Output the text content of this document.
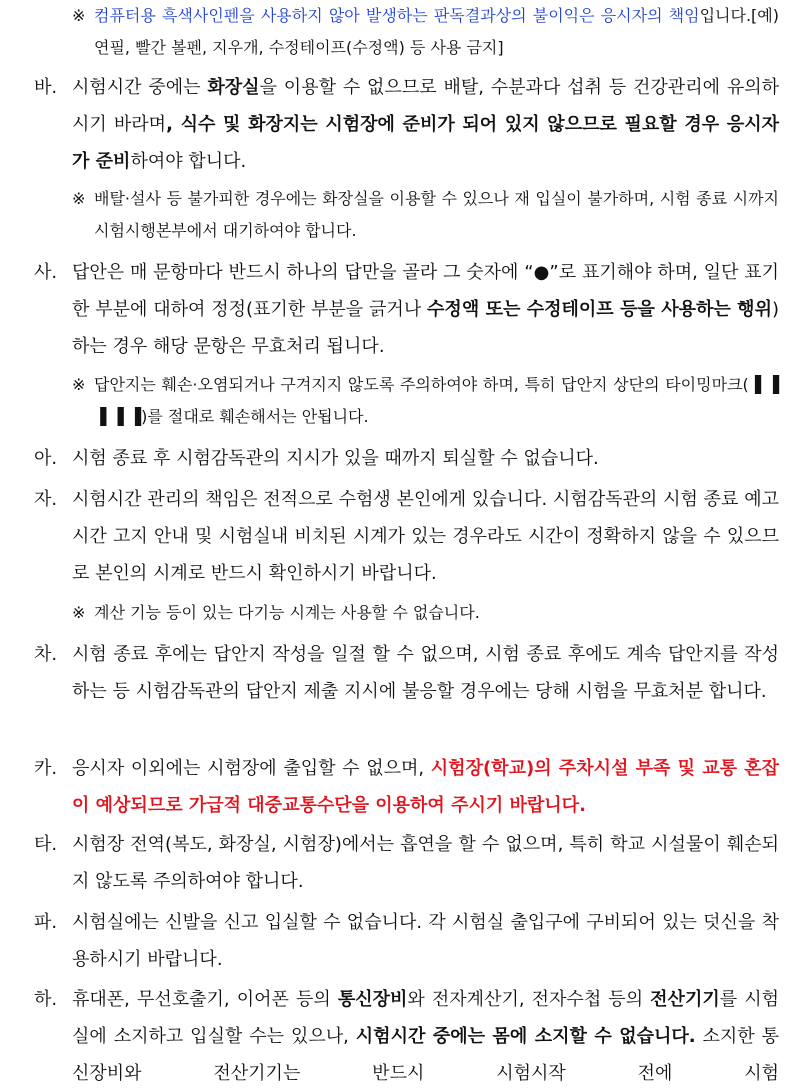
※ 컴퓨터용 흑색사인펜을 사용하지 않아 발생하는 판독결과상의 불이익은 응시자의 책임입니다.[예) 연필, 빨간 볼펜, 지우개, 수정테이프(수정액) 등 사용 금지]
바. 시험시간 중에는 화장실을 이용할 수 없으므로 배탈, 수분과다 섭취 등 건강관리에 유의하시기 바라며, 식수 및 화장지는 시험장에 준비가 되어 있지 않으므로 필요할 경우 응시자가 준비하여야 합니다.
※ 배탈·설사 등 불가피한 경우에는 화장실을 이용할 수 있으나 재 입실이 불가하며, 시험 종료 시까지 시험시행본부에서 대기하여야 합니다.
사. 답안은 매 문항마다 반드시 하나의 답만을 골라 그 숫자에 “●”로 표기해야 하며, 일단 표기한 부분에 대하여 정정(표기한 부분을 긁거나 수정액 또는 수정테이프 등을 사용하는 행위)하는 경우 해당 문항은 무효처리 됩니다.
※ 답안지는 훼손·오염되거나 구겨지지 않도록 주의하여야 하며, 특히 답안지 상단의 타이밍마크(▐ ▐ ▐ ▐ ▐)를 절대로 훼손해서는 안됩니다.
아. 시험 종료 후 시험감독관의 지시가 있을 때까지 퇴실할 수 없습니다.
자. 시험시간 관리의 책임은 전적으로 수험생 본인에게 있습니다. 시험감독관의 시험 종료 예고시간 고지 안내 및 시험실내 비치된 시계가 있는 경우라도 시간이 정확하지 않을 수 있으므로 본인의 시계로 반드시 확인하시기 바랍니다.
※ 계산 기능 등이 있는 다기능 시계는 사용할 수 없습니다.
차. 시험 종료 후에는 답안지 작성을 일절 할 수 없으며, 시험 종료 후에도 계속 답안지를 작성하는 등 시험감독관의 답안지 제출 지시에 불응할 경우에는 당해 시험을 무효처분 합니다.
카. 응시자 이외에는 시험장에 출입할 수 없으며, 시험장(학교)의 주차시설 부족 및 교통 혼잡이 예상되므로 가급적 대중교통수단을 이용하여 주시기 바랍니다.
타. 시험장 전역(복도, 화장실, 시험장)에서는 흡연을 할 수 없으며, 특히 학교 시설물이 훼손되지 않도록 주의하여야 합니다.
파. 시험실에는 신발을 신고 입실할 수 없습니다. 각 시험실 출입구에 구비되어 있는 덧신을 착용하시기 바랍니다.
하. 휴대폰, 무선호출기, 이어폰 등의 통신장비와 전자계산기, 전자수첩 등의 전산기기를 시험실에 소지하고 입실할 수는 있으나, 시험시간 중에는 몸에 소지할 수 없습니다. 소지한 통신장비와 전산기기는 반드시 시험시작 전에 시험
